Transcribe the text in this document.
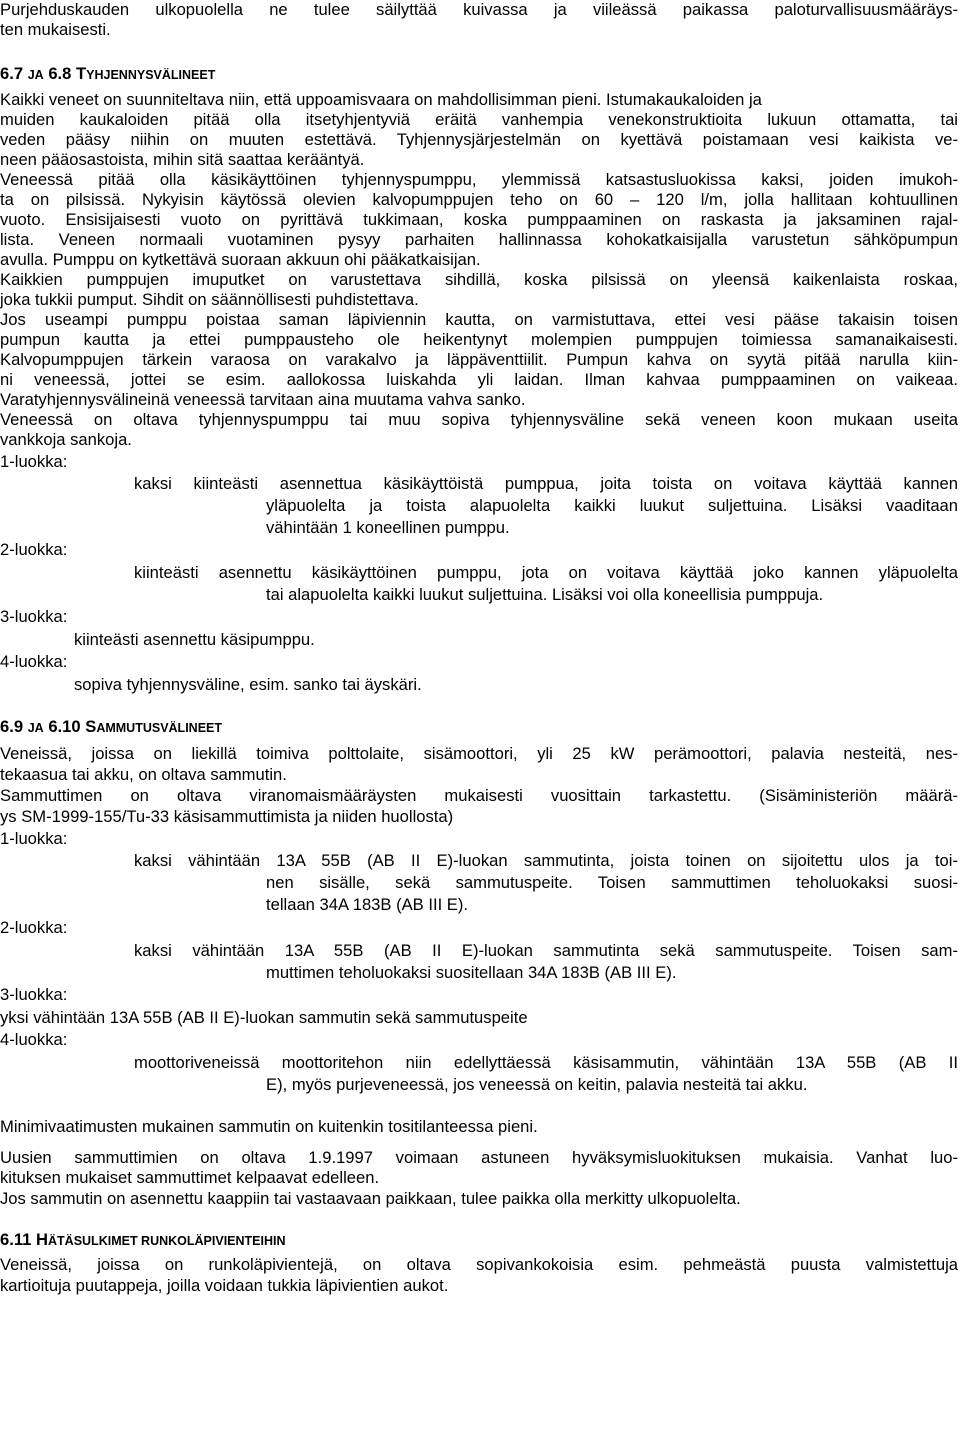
Purjehduskauden ulkopuolella ne tulee säilyttää kuivassa ja viileässä paikassa paloturvallisuusmääräys-
ten mukaisesti.
6.7 JA 6.8 TYHJENNYSVÄLINEET
Kaikki veneet on suunniteltava niin, että uppoamisvaara on mahdollisimman pieni. Istumakaukaloiden ja
muiden kaukaloiden pitää olla itsetyhjentyviä eräitä vanhempia venekonstruktioita lukuun ottamatta, tai
veden pääsy niihin on muuten estettävä. Tyhjennysjärjestelmän on kyettävä poistamaan vesi kaikista ve-
neen pääosastoista, mihin sitä saattaa kerääntyä.
Veneessä pitää olla käsikäyttöinen tyhjennyspumppu, ylemmissä katsastusluokissa kaksi, joiden imukoh-
ta on pilsissä. Nykyisin käytössä olevien kalvopumppujen teho on 60 – 120 l/m, jolla hallitaan kohtuullinen
vuoto. Ensisijaisesti vuoto on pyrittävä tukkimaan, koska pumppaaminen on raskasta ja jaksaminen rajal-
lista. Veneen normaali vuotaminen pysyy parhaiten hallinnassa kohokatkaisijalla varustetun sähköpumpun
avulla. Pumppu on kytkettävä suoraan akkuun ohi pääkatkaisijan.
Kaikkien pumppujen imuputket on varustettava sihdillä, koska pilsissä on yleensä kaikenlaista roskaa,
joka tukkii pumput. Sihdit on säännöllisesti puhdistettava.
Jos useampi pumppu poistaa saman läpiviennin kautta, on varmistuttava, ettei vesi pääse takaisin toisen
pumpun kautta ja ettei pumppausteho ole heikentynyt molempien pumppujen toimiessa samanaikaisesti.
Kalvopumppujen tärkein varaosa on varakalvo ja läppäventtiilit. Pumpun kahva on syytä pitää narulla kiin-
ni veneessä, jottei se esim. aallokossa luiskahda yli laidan. Ilman kahvaa pumppaaminen on vaikeaa.
Varatyhjennysvälineinä veneessä tarvitaan aina muutama vahva sanko.
Veneessä on oltava tyhjennyspumppu tai muu sopiva tyhjennysväline sekä veneen koon mukaan useita
vankkoja sankoja.
1-luokka:
kaksi kiinteästi asennettua käsikäyttöistä pumppua, joita toista on voitava käyttää kannen
yläpuolelta ja toista alapuolelta kaikki luukut suljettuina. Lisäksi vaaditaan
vähintään 1 koneellinen pumppu.
2-luokka:
kiinteästi asennettu käsikäyttöinen pumppu, jota on voitava käyttää joko kannen yläpuolelta
tai alapuolelta kaikki luukut suljettuina. Lisäksi voi olla koneellisia pumppuja.
3-luokka:
kiinteästi asennettu käsipumppu.
4-luokka:
sopiva tyhjennysväline, esim. sanko tai äyskäri.
6.9 JA 6.10 SAMMUTUSVÄLINEET
Veneissä, joissa on liekillä toimiva polttolaite, sisämoottori, yli 25 kW perämoottori, palavia nesteitä, nes-
tekaasua tai akku, on oltava sammutin.
Sammuttimen on oltava viranomaismääräysten mukaisesti vuosittain tarkastettu. (Sisäministeriön määrä-
ys SM-1999-155/Tu-33 käsisammuttimista ja niiden huollosta)
1-luokka:
kaksi vähintään 13A 55B (AB II E)-luokan sammutinta, joista toinen on sijoitettu ulos ja toi-
nen sisälle, sekä sammutuspeite. Toisen sammuttimen teholuokaksi suosi-
tellaan 34A 183B (AB III E).
2-luokka:
kaksi vähintään 13A 55B (AB II E)-luokan sammutinta sekä sammutuspeite. Toisen sam-
muttimen teholuokaksi suositellaan 34A 183B (AB III E).
3-luokka:
yksi vähintään 13A 55B (AB II E)-luokan sammutin sekä sammutuspeite
4-luokka:
moottoriveneissä moottoritehon niin edellyttäessä käsisammutin, vähintään 13A 55B (AB II
E), myös purjeveneessä, jos veneessä on keitin, palavia nesteitä tai akku.
Minimivaatimusten mukainen sammutin on kuitenkin tositilanteessa pieni.
Uusien sammuttimien on oltava 1.9.1997 voimaan astuneen hyväksymisluokituksen mukaisia. Vanhat luo-
kituksen mukaiset sammuttimet kelpaavat edelleen.
Jos sammutin on asennettu kaappiin tai vastaavaan paikkaan, tulee paikka olla merkitty ulkopuolelta.
6.11 HÄTÄSULKIMET RUNKOLÄPIVIENTEIHIN
Veneissä, joissa on runkoläpivientejä, on oltava sopivankokoisia esim. pehmeästä puusta valmistettuja
kartioituja puutappeja, joilla voidaan tukkia läpivientien aukot.
